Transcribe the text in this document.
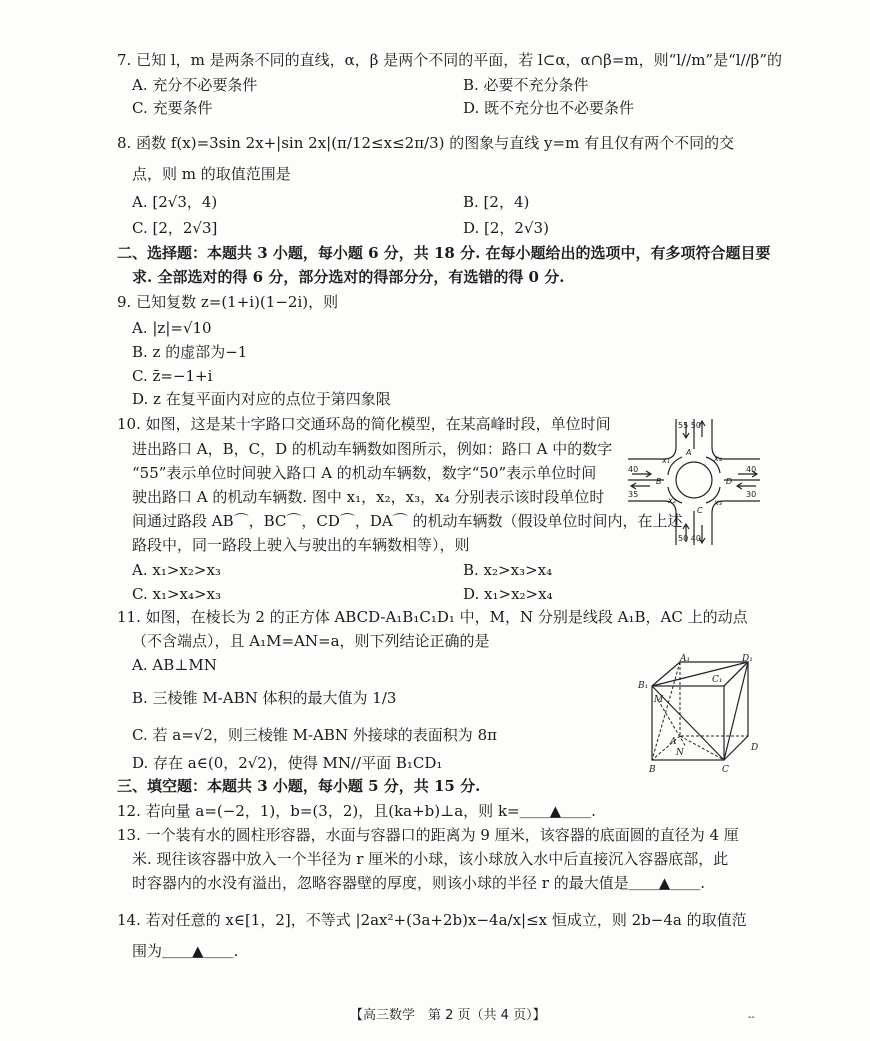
7. 已知 l，m 是两条不同的直线，α，β 是两个不同的平面，若 l⊂α，α∩β=m，则“l//m”是“l//β”的
A. 充分不必要条件	B. 必要不充分条件
C. 充要条件	D. 既不充分也不必要条件
8. 函数 f(x)=3sin 2x+|sin 2x|(π/12≤x≤2π/3) 的图象与直线 y=m 有且仅有两个不同的交
点，则 m 的取值范围是
A. [2√3，4)	B. [2，4)
C. [2，2√3]	D. [2，2√3)
二、选择题：本题共 3 小题，每小题 6 分，共 18 分. 在每小题给出的选项中，有多项符合题目要
求. 全部选对的得 6 分，部分选对的得部分分，有选错的得 0 分.
9. 已知复数 z=(1+i)(1−2i)，则
A. |z|=√10
B. z 的虚部为−1
C. z̄=−1+i
D. z 在复平面内对应的点位于第四象限
10. 如图，这是某十字路口交通环岛的简化模型，在某高峰时段，单位时间
进出路口 A，B，C，D 的机动车辆数如图所示，例如：路口 A 中的数字
“55”表示单位时间驶入路口 A 的机动车辆数，数字“50”表示单位时间
驶出路口 A 的机动车辆数. 图中 x₁，x₂，x₃，x₄ 分别表示该时段单位时
间通过路段 AB⌒，BC⌒，CD⌒，DA⌒ 的机动车辆数（假设单位时间内，在上述
路段中，同一路段上驶入与驶出的车辆数相等），则
A. x₁>x₂>x₃	B. x₂>x₃>x₄
C. x₁>x₄>x₃	D. x₁>x₂>x₄
55 50
40
35
40
30
50 40
A
B
C
D
x₁
x₂	x₃
x₄
11. 如图，在棱长为 2 的正方体 ABCD-A₁B₁C₁D₁ 中，M，N 分别是线段 A₁B，AC 上的动点
（不含端点），且 A₁M=AN=a，则下列结论正确的是
A. AB⊥MN
B. 三棱锥 M-ABN 体积的最大值为 1/3
C. 若 a=√2，则三棱锥 M-ABN 外接球的表面积为 8π
D. 存在 a∈(0，2√2)，使得 MN//平面 B₁CD₁
A₁	D₁
B₁
C₁
M
N
A
D
B	C
三、填空题：本题共 3 小题，每小题 5 分，共 15 分.
12. 若向量 a=(−2，1)，b=(3，2)，且(ka+b)⊥a，则 k=＿＿▲＿＿.
13. 一个装有水的圆柱形容器，水面与容器口的距离为 9 厘米，该容器的底面圆的直径为 4 厘
米. 现往该容器中放入一个半径为 r 厘米的小球，该小球放入水中后直接沉入容器底部，此
时容器内的水没有溢出，忽略容器壁的厚度，则该小球的半径 r 的最大值是＿＿▲＿＿.
14. 若对任意的 x∈[1，2]，不等式 |2ax²+(3a+2b)x−4a/x|≤x 恒成立，则 2b−4a 的取值范
围为＿＿▲＿＿.
【高三数学　第 2 页（共 4 页）】	--
